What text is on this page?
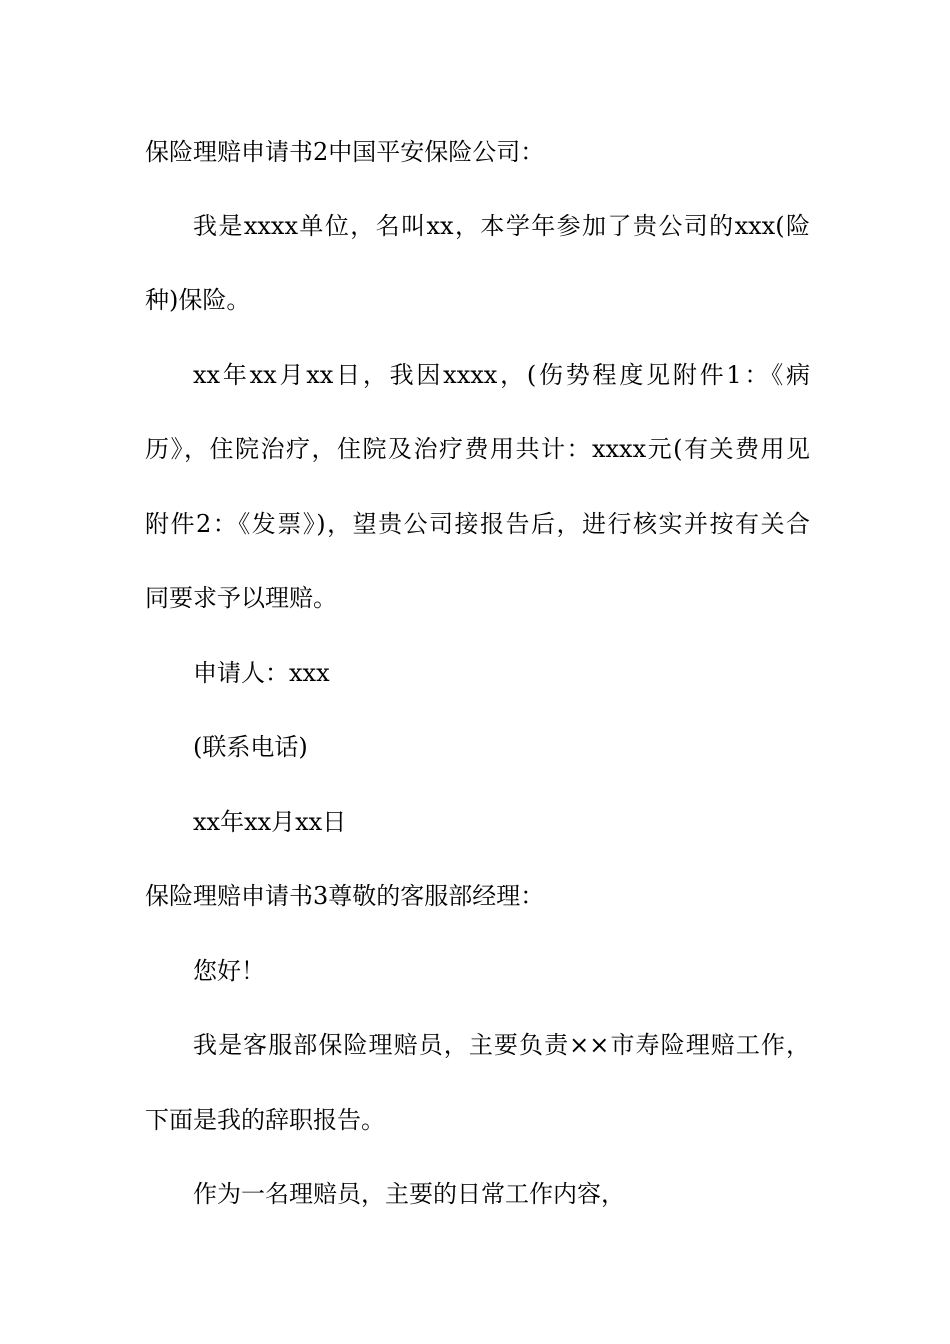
保险理赔申请书2中国平安保险公司：
我是xxxx单位，名叫xx，本学年参加了贵公司的xxx(险
种)保险。
xx年xx月xx日，我因xxxx，(伤势程度见附件1：《病
历》，住院治疗，住院及治疗费用共计：xxxx元(有关费用见
附件2：《发票》)，望贵公司接报告后，进行核实并按有关合
同要求予以理赔。
申请人：xxx
(联系电话)
xx年xx月xx日
保险理赔申请书3尊敬的客服部经理：
您好！
我是客服部保险理赔员，主要负责××市寿险理赔工作，
下面是我的辞职报告。
作为一名理赔员，主要的日常工作内容，
